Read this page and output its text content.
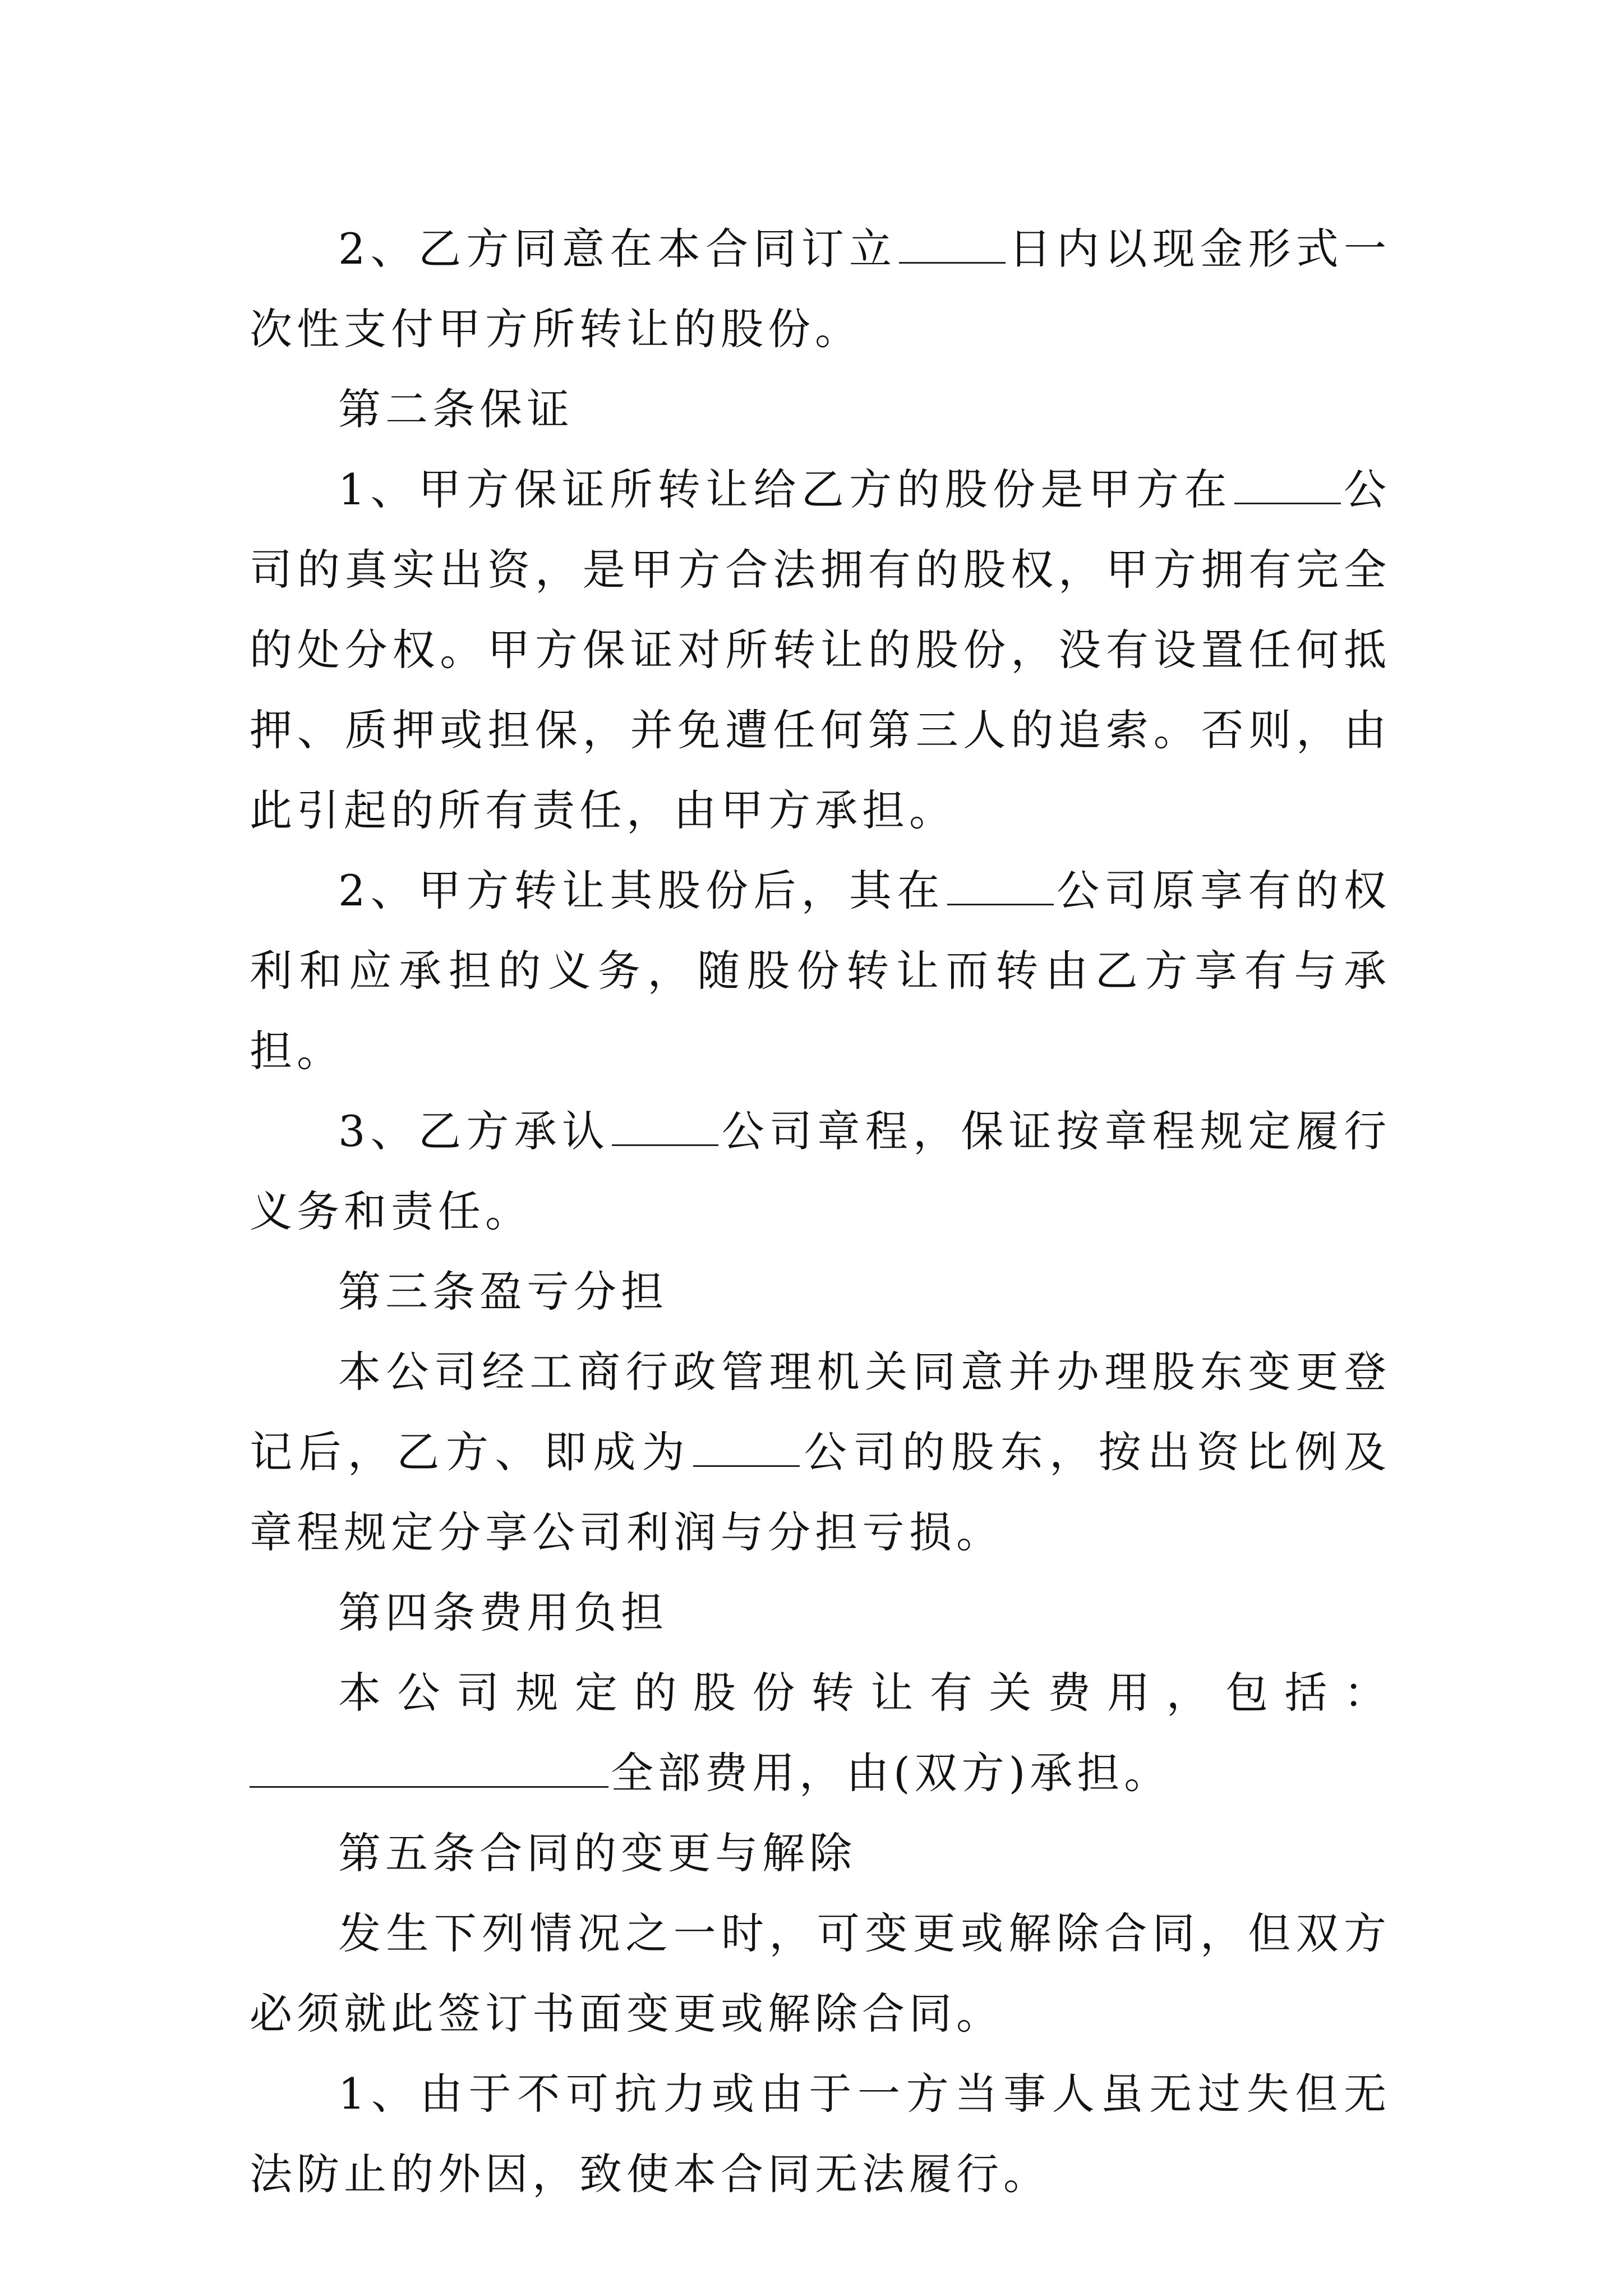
2、乙方同意在本合同订立	日内以现金形式一次性支付甲方所转让的股份。

第二条保证

1、甲方保证所转让给乙方的股份是甲方在	公司的真实出资，是甲方合法拥有的股权，甲方拥有完全的处分权。甲方保证对所转让的股份，没有设置任何抵押、质押或担保，并免遭任何第三人的追索。否则，由此引起的所有责任，由甲方承担。

2、甲方转让其股份后，其在	公司原享有的权利和应承担的义务，随股份转让而转由乙方享有与承担。

3、乙方承认	公司章程，保证按章程规定履行义务和责任。

第三条盈亏分担

本公司经工商行政管理机关同意并办理股东变更登记后，乙方、即成为	公司的股东，按出资比例及章程规定分享公司利润与分担亏损。

第四条费用负担

本公司规定的股份转让有关费用，包括：

全部费用，由(双方)承担。

第五条合同的变更与解除

发生下列情况之一时，可变更或解除合同，但双方必须就此签订书面变更或解除合同。

1、由于不可抗力或由于一方当事人虽无过失但无法防止的外因，致使本合同无法履行。
